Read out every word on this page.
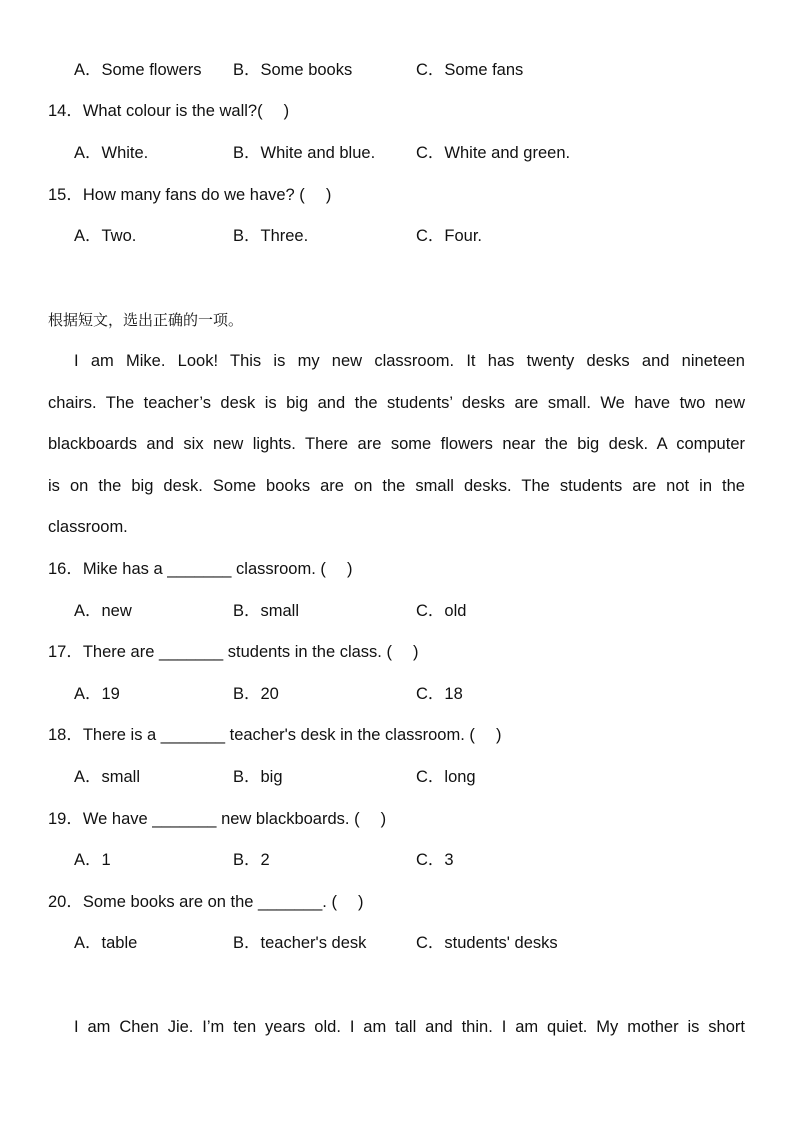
A．Some flowers B．Some books	C．Some fans
14．What colour is the wall?(　 )
A．White.	B．White and blue. C．White and green.
15．How many fans do we have? (　 )
A．Two.	B．Three.	C．Four.
根据短文，选出正确的一项。
I am Mike. Look! This is my new classroom. It has twenty desks and nineteen
chairs. The teacher’s desk is big and the students’ desks are small. We have two new
blackboards and six new lights. There are some flowers near the big desk. A computer
is on the big desk. Some books are on the small desks. The students are not in the
classroom.
16．Mike has a _______ classroom. (　 )
A．new	B．small	C．old
17．There are _______ students in the class. (　 )
A．19	B．20	C．18
18．There is a _______ teacher's desk in the classroom. (　 )
A．small	B．big	C．long
19．We have _______ new blackboards. (　 )
A．1	B．2	C．3
20．Some books are on the _______. (　 )
A．table	B．teacher's desk	C．students' desks
I am Chen Jie. I’m ten years old. I am tall and thin. I am quiet. My mother is short
